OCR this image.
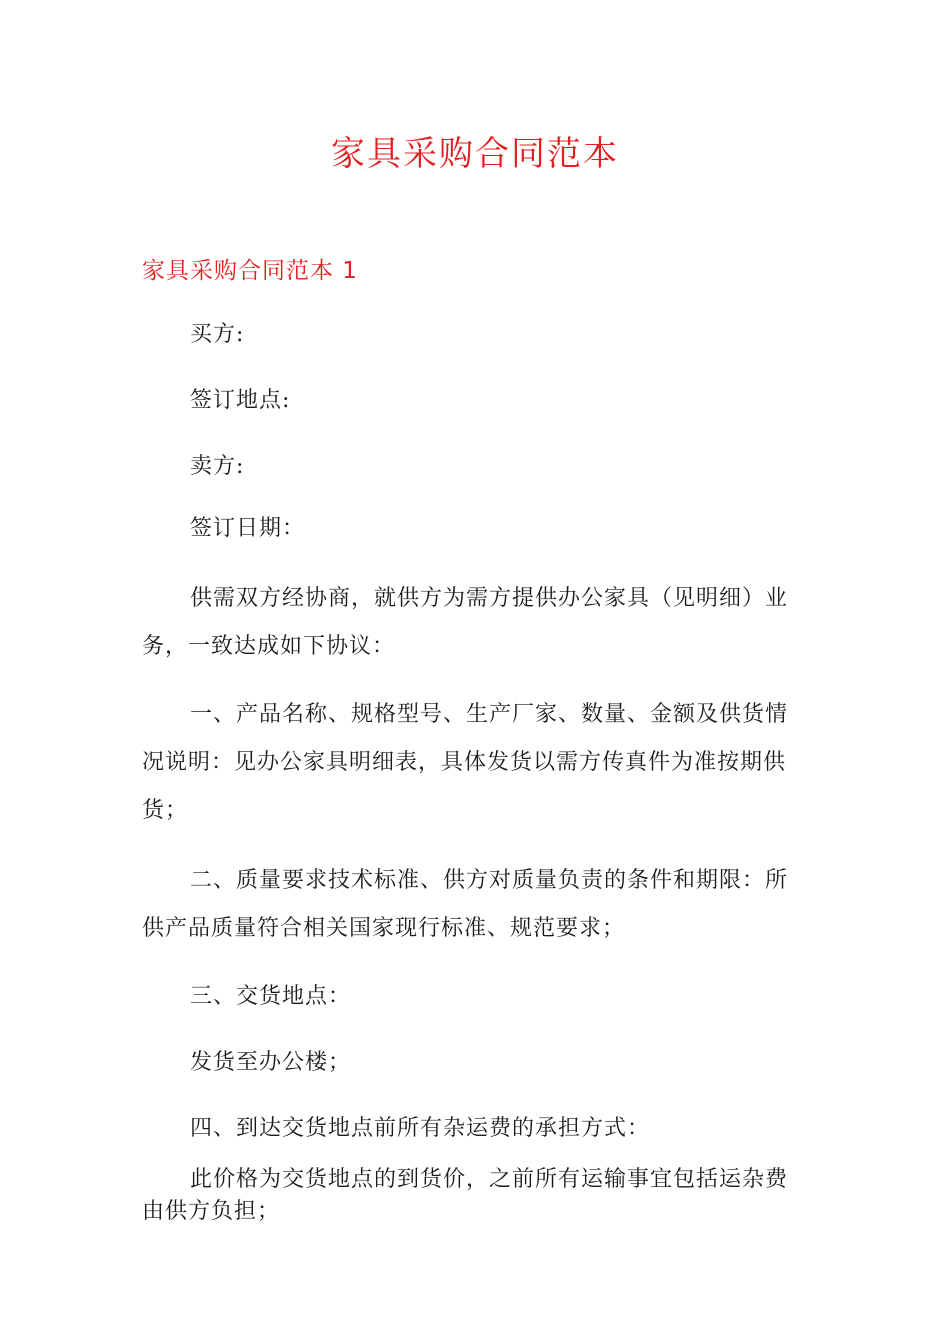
家具采购合同范本
家具采购合同范本 1

买方:

签订地点:

卖方:

签订日期：

供需双方经协商，就供方为需方提供办公家具（见明细）业务，一致达成如下协议：

一、产品名称、规格型号、生产厂家、数量、金额及供货情况说明：见办公家具明细表，具体发货以需方传真件为准按期供货；

二、质量要求技术标准、供方对质量负责的条件和期限：所供产品质量符合相关国家现行标准、规范要求；

三、交货地点：

发货至办公楼；

四、到达交货地点前所有杂运费的承担方式：

此价格为交货地点的到货价，之前所有运输事宜包括运杂费由供方负担；
